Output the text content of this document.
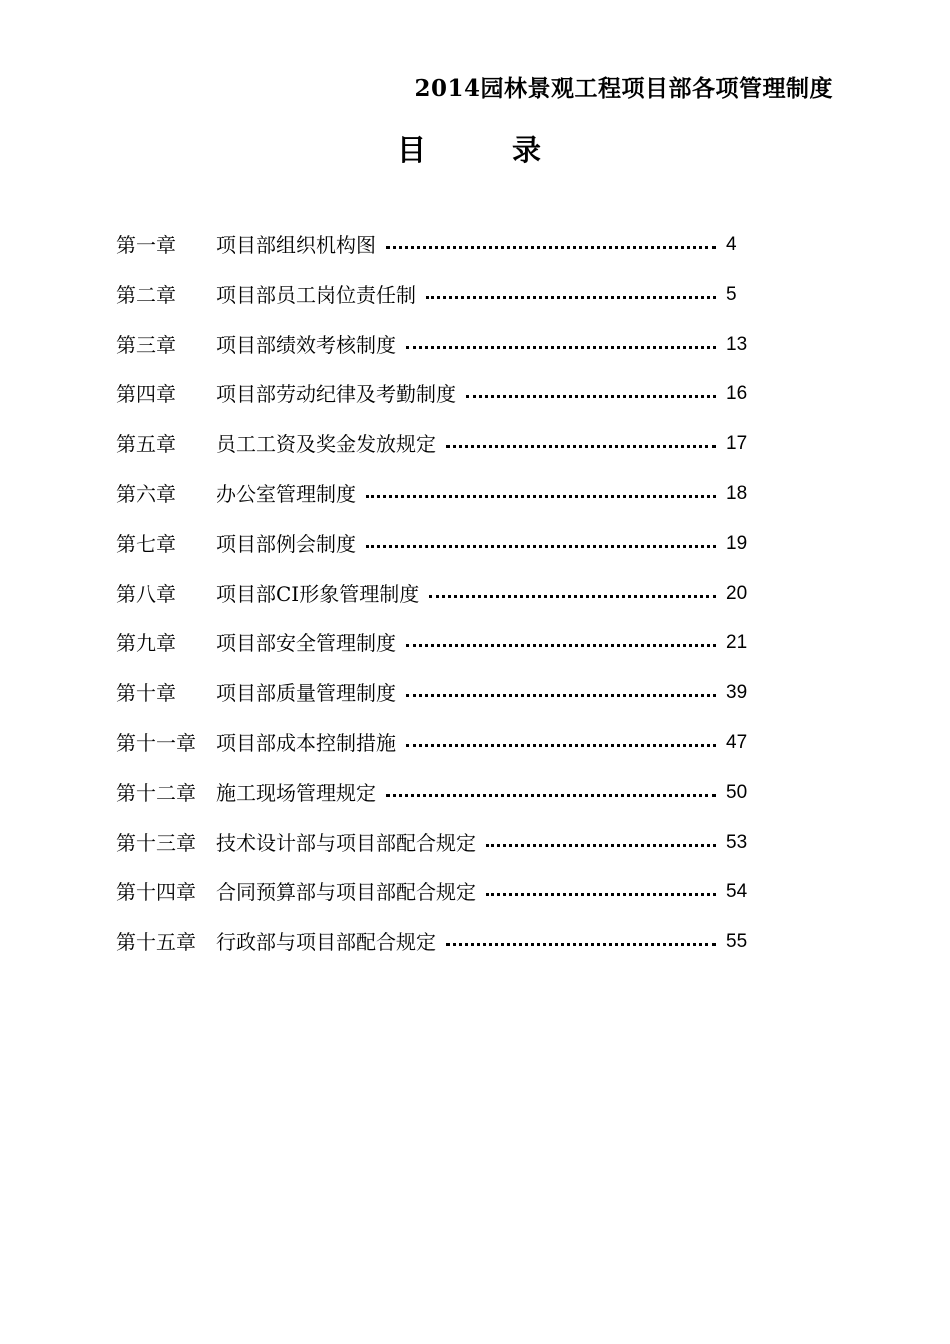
2014园林景观工程项目部各项管理制度
目	录
第一章	项目部组织机构图	4
第二章	项目部员工岗位责任制	5
第三章	项目部绩效考核制度	13
第四章	项目部劳动纪律及考勤制度	16
第五章	员工工资及奖金发放规定	17
第六章	办公室管理制度	18
第七章	项目部例会制度	19
第八章	项目部CI形象管理制度	20
第九章	项目部安全管理制度	21
第十章	项目部质量管理制度	39
第十一章	项目部成本控制措施	47
第十二章	施工现场管理规定	50
第十三章	技术设计部与项目部配合规定	53
第十四章	合同预算部与项目部配合规定	54
第十五章	行政部与项目部配合规定	55
